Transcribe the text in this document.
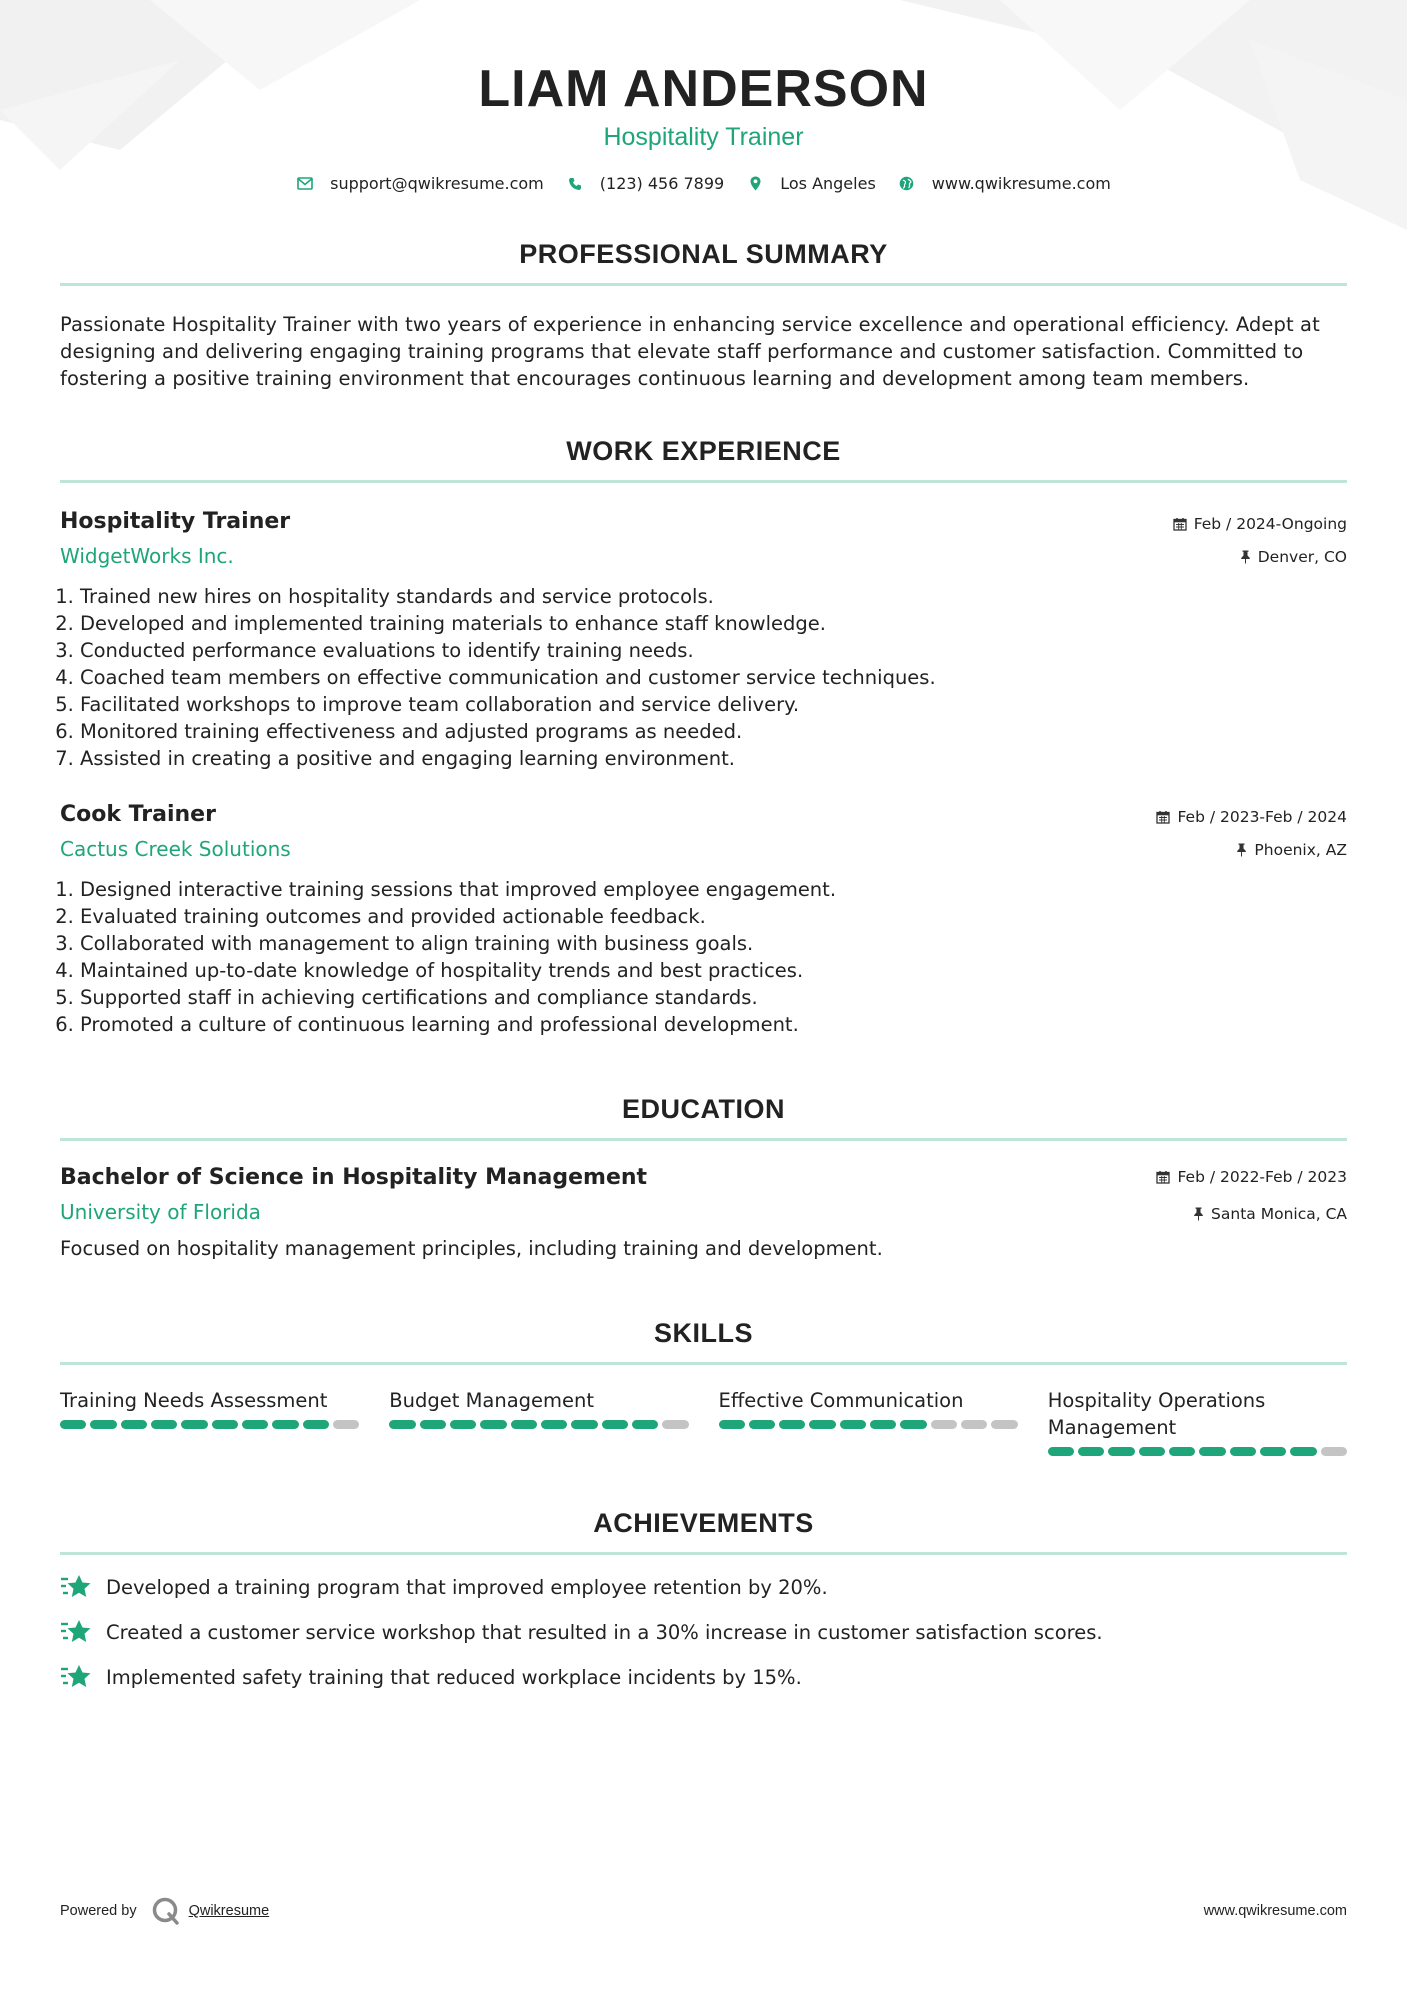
LIAM ANDERSON
Hospitality Trainer
support@qwikresume.com	(123) 456 7899	Los Angeles	www.qwikresume.com
PROFESSIONAL SUMMARY
Passionate Hospitality Trainer with two years of experience in enhancing service excellence and operational efficiency. Adept at designing and delivering engaging training programs that elevate staff performance and customer satisfaction. Committed to fostering a positive training environment that encourages continuous learning and development among team members.
WORK EXPERIENCE
Hospitality Trainer
WidgetWorks Inc.
Feb / 2024-Ongoing
Denver, CO
1. Trained new hires on hospitality standards and service protocols.
2. Developed and implemented training materials to enhance staff knowledge.
3. Conducted performance evaluations to identify training needs.
4. Coached team members on effective communication and customer service techniques.
5. Facilitated workshops to improve team collaboration and service delivery.
6. Monitored training effectiveness and adjusted programs as needed.
7. Assisted in creating a positive and engaging learning environment.
Cook Trainer
Cactus Creek Solutions
Feb / 2023-Feb / 2024
Phoenix, AZ
1. Designed interactive training sessions that improved employee engagement.
2. Evaluated training outcomes and provided actionable feedback.
3. Collaborated with management to align training with business goals.
4. Maintained up-to-date knowledge of hospitality trends and best practices.
5. Supported staff in achieving certifications and compliance standards.
6. Promoted a culture of continuous learning and professional development.
EDUCATION
Bachelor of Science in Hospitality Management
University of Florida
Feb / 2022-Feb / 2023
Santa Monica, CA
Focused on hospitality management principles, including training and development.
SKILLS
Training Needs Assessment	Budget Management	Effective Communication	Hospitality Operations Management
ACHIEVEMENTS
Developed a training program that improved employee retention by 20%.
Created a customer service workshop that resulted in a 30% increase in customer satisfaction scores.
Implemented safety training that reduced workplace incidents by 15%.
Powered by	Qwikresume	www.qwikresume.com
